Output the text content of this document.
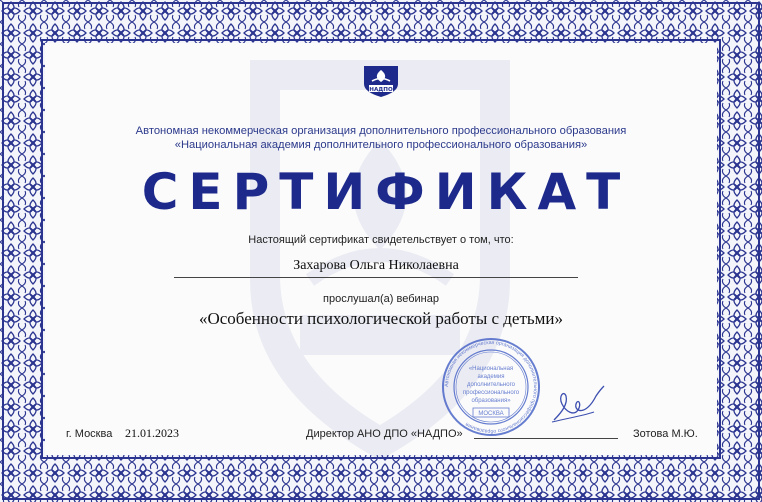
НАДПО
Автономная некоммерческая организация дополнительного профессионального образования
«Национальная академия дополнительного профессионального образования»
СЕРТИФИКАТ
Настоящий сертификат свидетельствует о том, что:
Захарова Ольга Николаевна
прослушал(а) вебинар
«Особенности психологической работы с детьми»
Автономная некоммерческая организация дополнительного профессионального образования
«Национальная
академия
дополнительного
профессионального
образования»
МОСКВА
г. Москва 21.01.2023	Директор АНО ДПО «НАДПО»	Зотова М.Ю.
